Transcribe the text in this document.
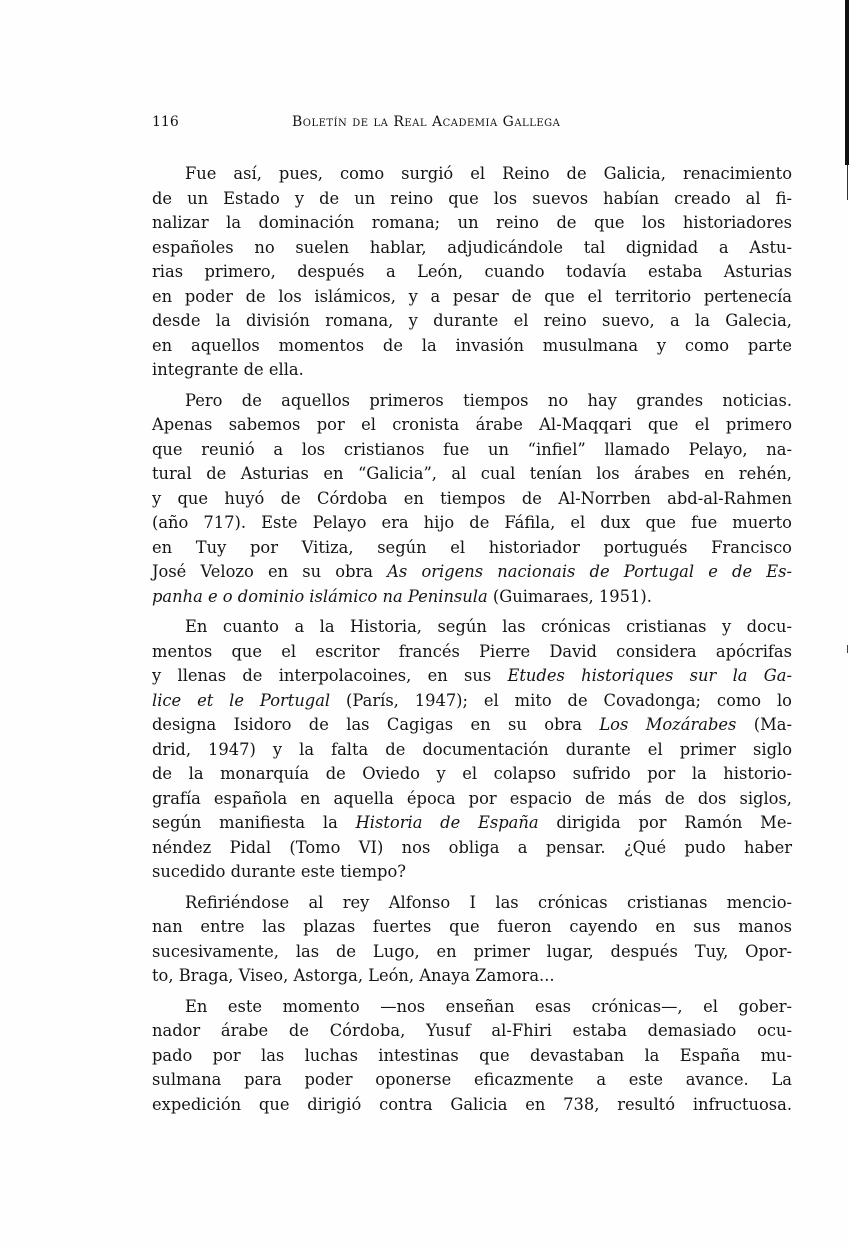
116	Boletín de la Real Academia Gallega
Fue así, pues, como surgió el Reino de Galicia, renacimiento
de un Estado y de un reino que los suevos habían creado al fi-
nalizar la dominación romana; un reino de que los historiadores
españoles no suelen hablar, adjudicándole tal dignidad a Astu-
rias primero, después a León, cuando todavía estaba Asturias
en poder de los islámicos, y a pesar de que el territorio pertenecía
desde la división romana, y durante el reino suevo, a la Galecia,
en aquellos momentos de la invasión musulmana y como parte
integrante de ella.
Pero de aquellos primeros tiempos no hay grandes noticias.
Apenas sabemos por el cronista árabe Al-Maqqari que el primero
que reunió a los cristianos fue un “infiel” llamado Pelayo, na-
tural de Asturias en “Galicia”, al cual tenían los árabes en rehén,
y que huyó de Córdoba en tiempos de Al-Norrben abd-al-Rahmen
(año 717). Este Pelayo era hijo de Fáfila, el dux que fue muerto
en Tuy por Vitiza, según el historiador portugués Francisco
José Velozo en su obra As origens nacionais de Portugal e de Es-
panha e o dominio islámico na Peninsula (Guimaraes, 1951).
En cuanto a la Historia, según las crónicas cristianas y docu-
mentos que el escritor francés Pierre David considera apócrifas
y llenas de interpolacoines, en sus Etudes historiques sur la Ga-
lice et le Portugal (París, 1947); el mito de Covadonga; como lo
designa Isidoro de las Cagigas en su obra Los Mozárabes (Ma-
drid, 1947) y la falta de documentación durante el primer siglo
de la monarquía de Oviedo y el colapso sufrido por la historio-
grafía española en aquella época por espacio de más de dos siglos,
según manifiesta la Historia de España dirigida por Ramón Me-
néndez Pidal (Tomo VI) nos obliga a pensar. ¿Qué pudo haber
sucedido durante este tiempo?
Refiriéndose al rey Alfonso I las crónicas cristianas mencio-
nan entre las plazas fuertes que fueron cayendo en sus manos
sucesivamente, las de Lugo, en primer lugar, después Tuy, Opor-
to, Braga, Viseo, Astorga, León, Anaya Zamora...
En este momento —nos enseñan esas crónicas—, el gober-
nador árabe de Córdoba, Yusuf al-Fhiri estaba demasiado ocu-
pado por las luchas intestinas que devastaban la España mu-
sulmana para poder oponerse eficazmente a este avance. La
expedición que dirigió contra Galicia en 738, resultó infructuosa.
